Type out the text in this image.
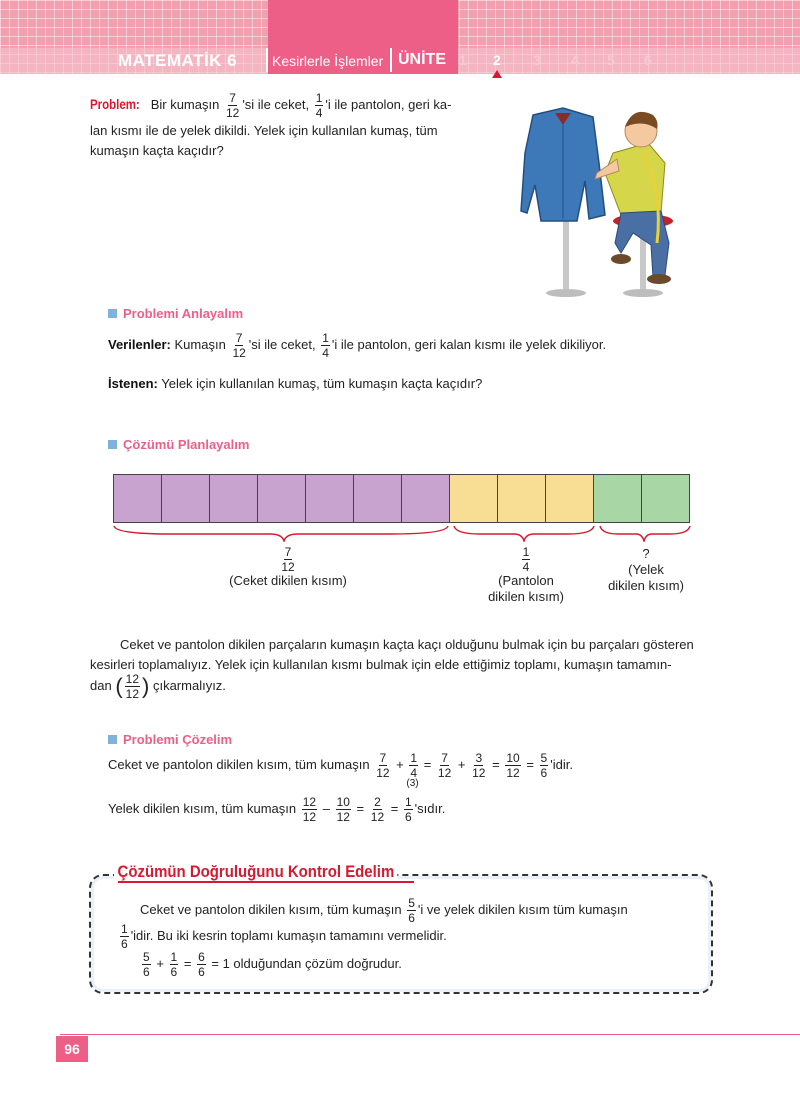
MATEMATİK 6 Kesirlerle İşlemler ÜNİTE 1 2 3 4 5 6
Problem: Bir kumaşın $\frac{7}{12}$ 'si ile ceket, $\frac{1}{4}$ 'i ile pantolon, geri ka-
lan kısmı ile de yelek dikildi. Yelek için kullanılan kumaş, tüm
kumaşın kaçta kaçıdır?
Problemi Anlayalım
Verilenler: Kumaşın $\frac{7}{12}$ 'si ile ceket, $\frac{1}{4}$ 'i ile pantolon, geri kalan kısmı ile yelek dikiliyor.
İstenen: Yelek için kullanılan kumaş, tüm kumaşın kaçta kaçıdır?
Çözümü Planlayalım
$\frac{7}{12}$

(Ceket dikilen kısım)
$\frac{1}{4}$

(Pantolon
dikilen kısım)
?
(Yelek
dikilen kısım)
Ceket ve pantolon dikilen parçaların kumaşın kaçta kaçı olduğunu bulmak için bu parçaları gösteren
kesirleri toplamalıyız. Yelek için kullanılan kısmı bulmak için elde ettiğimiz toplamı, kumaşın tamamın-
dan ( $\frac{12}{12}$ ) çıkarmalıyız.
Problemi Çözelim
Ceket ve pantolon dikilen kısım, tüm kumaşın $\frac{7}{12} + 1$
4
(3)
= $\frac{7}{12} + \frac{3}{12} = \frac{10}{12} = \frac{5}{6}$ 'idir.
Yelek dikilen kısım, tüm kumaşın $\frac{12}{12} - \frac{10}{12} = \frac{2}{12} = \frac{1}{6}$ 'sıdır.
Çözümün Doğruluğunu Kontrol Edelim
Ceket ve pantolon dikilen kısım, tüm kumaşın $\frac{5}{6}$ 'i ve yelek dikilen kısım tüm kumaşın
$\frac{1}{6}$ 'idir. Bu iki kesrin toplamı kumaşın tamamını vermelidir.
$\frac{5}{6} + \frac{1}{6} = \frac{6}{6} = 1$ olduğundan çözüm doğrudur.
96
